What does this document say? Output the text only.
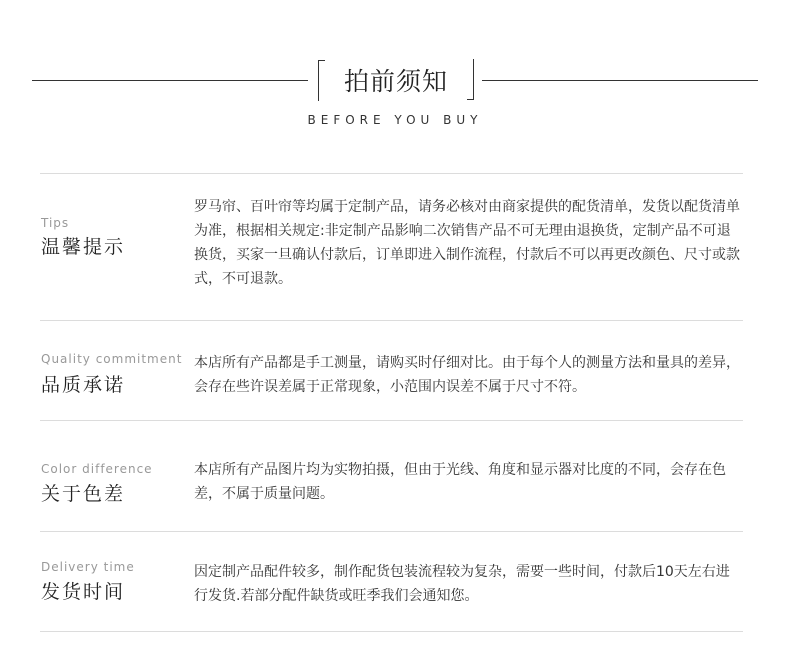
拍前须知
BEFORE YOU BUY
Tips
温馨提示
罗马帘、百叶帘等均属于定制产品，请务必核对由商家提供的配货清单，发货以配货清单为准，根据相关规定:非定制产品影响二次销售产品不可无理由退换货，定制产品不可退换货，买家一旦确认付款后，订单即进入制作流程，付款后不可以再更改颜色、尺寸或款式，不可退款。
Quality commitment
品质承诺
本店所有产品都是手工测量，请购买时仔细对比。由于每个人的测量方法和量具的差异，会存在些许误差属于正常现象，小范围内误差不属于尺寸不符。
Color difference
关于色差
本店所有产品图片均为实物拍摄，但由于光线、角度和显示器对比度的不同，会存在色差，不属于质量问题。
Delivery time
发货时间
因定制产品配件较多，制作配货包装流程较为复杂，需要一些时间，付款后10天左右进行发货.若部分配件缺货或旺季我们会通知您。
